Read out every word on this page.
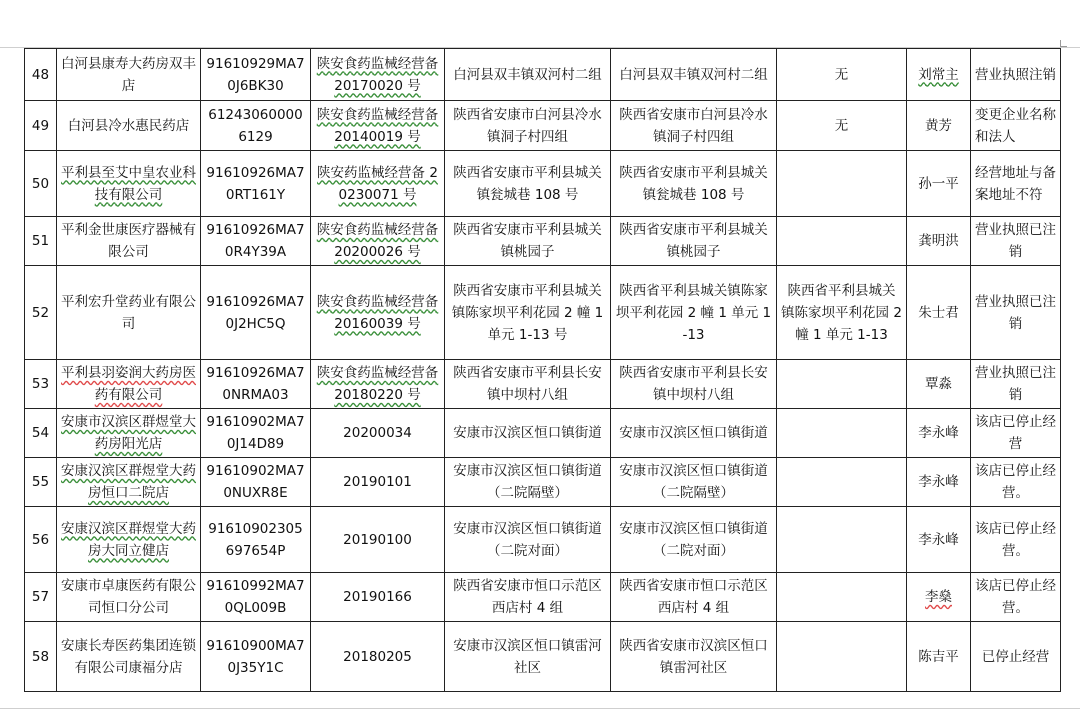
48	白河县康寿大药房双丰店	91610929MA70J6BK30	陕安食药监械经营备 20170020 号	白河县双丰镇双河村二组	白河县双丰镇双河村二组	无	刘常主	营业执照注销
49	白河县冷水惠民药店	612430600006129	陕安食药监械经营备 20140019 号	陕西省安康市白河县冷水镇洞子村四组	陕西省安康市白河县冷水镇洞子村四组	无	黄芳	变更企业名称和法人
50	平利县至艾中皇农业科技有限公司	91610926MA70RT161Y	陕安药监械经营备 20230071 号	陕西省安康市平利县城关镇瓮城巷 108 号	陕西省安康市平利县城关镇瓮城巷 108 号		孙一平	经营地址与备案地址不符
51	平利金世康医疗器械有限公司	91610926MA70R4Y39A	陕安食药监械经营备 20200026 号	陕西省安康市平利县城关镇桃园子	陕西省安康市平利县城关镇桃园子		龚明洪	营业执照已注销
52	平利宏升堂药业有限公司	91610926MA70J2HC5Q	陕安食药监械经营备 20160039 号	陕西省安康市平利县城关镇陈家坝平利花园 2 幢 1 单元 1-13 号	陕西省平利县城关镇陈家坝平利花园 2 幢 1 单元 1-13	陕西省平利县城关镇陈家坝平利花园 2 幢 1 单元 1-13	朱士君	营业执照已注销
53	平利县羽姿润大药房医药有限公司	91610926MA70NRMA03	陕安食药监械经营备 20180220 号	陕西省安康市平利县长安镇中坝村八组	陕西省安康市平利县长安镇中坝村八组		覃淼	营业执照已注销
54	安康市汉滨区群煜堂大药房阳光店	91610902MA70J14D89	20200034	安康市汉滨区恒口镇街道	安康市汉滨区恒口镇街道		李永峰	该店已停止经营
55	安康汉滨区群煜堂大药房恒口二院店	91610902MA70NUXR8E	20190101	安康市汉滨区恒口镇街道（二院隔壁）	安康市汉滨区恒口镇街道（二院隔壁）		李永峰	该店已停止经营。
56	安康汉滨区群煜堂大药房大同立健店	91610902305697654P	20190100	安康市汉滨区恒口镇街道（二院对面）	安康市汉滨区恒口镇街道（二院对面）		李永峰	该店已停止经营。
57	安康市卓康医药有限公司恒口分公司	91610992MA70QL009B	20190166	陕西省安康市恒口示范区西店村 4 组	陕西省安康市恒口示范区西店村 4 组		李燊	该店已停止经营。
58	安康长寿医药集团连锁有限公司康福分店	91610900MA70J35Y1C	20180205	安康市汉滨区恒口镇雷河社区	陕西省安康市汉滨区恒口镇雷河社区		陈吉平	已停止经营
